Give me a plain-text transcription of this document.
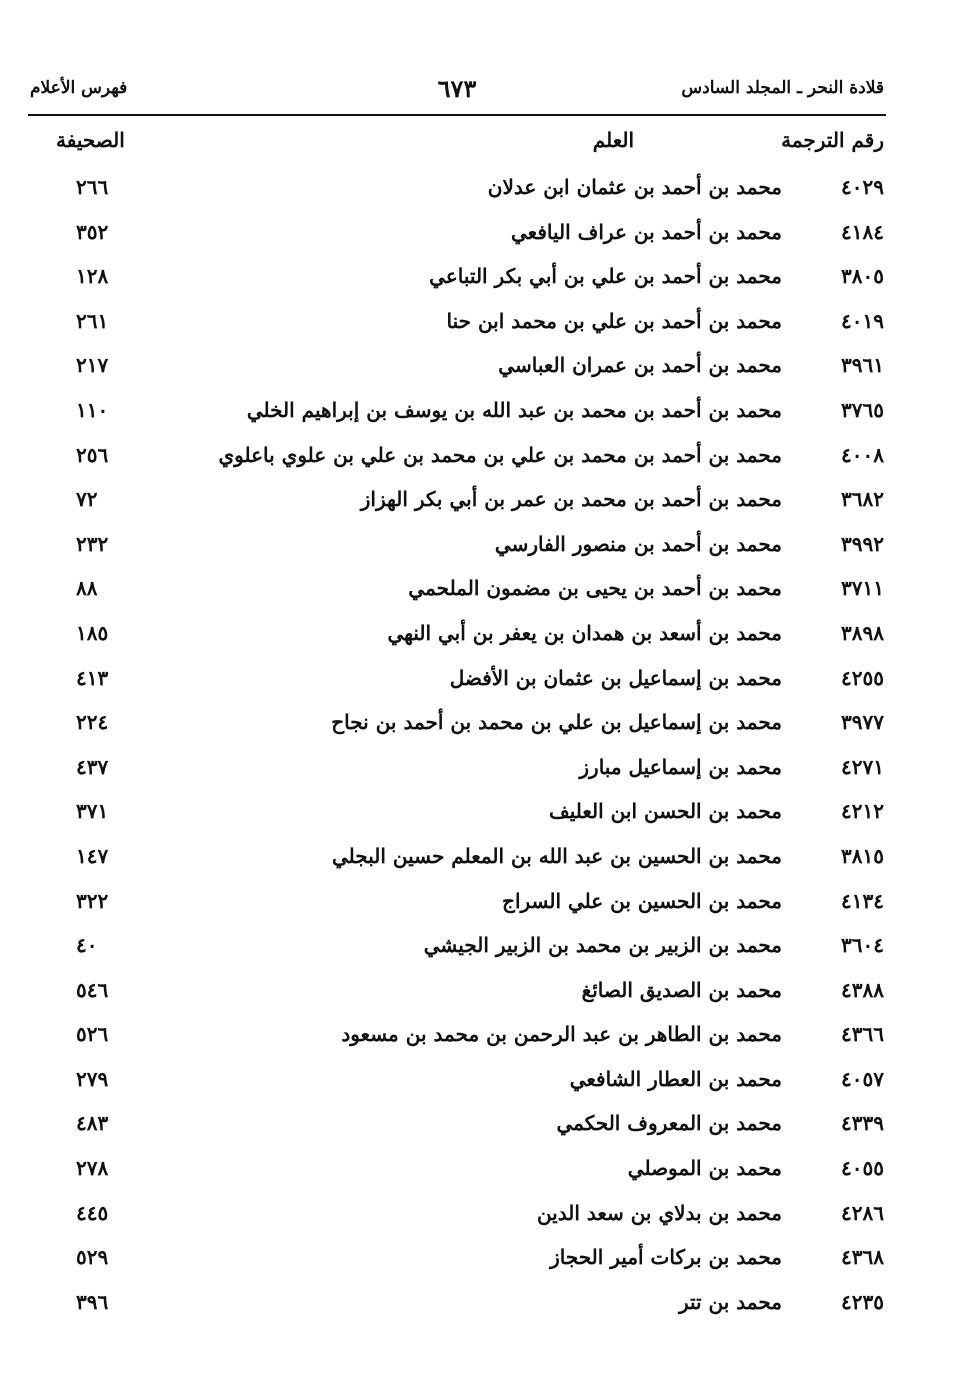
قلادة النحر ـ المجلد السادس
٦٧٣
فهرس الأعلام
رقم الترجمة
العلم
الصحيفة
٤٠٢٩
محمد بن أحمد بن عثمان ابن عدلان
٢٦٦
٤١٨٤
محمد بن أحمد بن عراف اليافعي
٣٥٢
٣٨٠٥
محمد بن أحمد بن علي بن أبي بكر التباعي
١٢٨
٤٠١٩
محمد بن أحمد بن علي بن محمد ابن حنا
٢٦١
٣٩٦١
محمد بن أحمد بن عمران العباسي
٢١٧
٣٧٦٥
محمد بن أحمد بن محمد بن عبد الله بن يوسف بن إبراهيم الخلي
١١٠
٤٠٠٨
محمد بن أحمد بن محمد بن علي بن محمد بن علي بن علوي باعلوي
٢٥٦
٣٦٨٢
محمد بن أحمد بن محمد بن عمر بن أبي بكر الهزاز
٧٢
٣٩٩٢
محمد بن أحمد بن منصور الفارسي
٢٣٢
٣٧١١
محمد بن أحمد بن يحيى بن مضمون الملحمي
٨٨
٣٨٩٨
محمد بن أسعد بن همدان بن يعفر بن أبي النهي
١٨٥
٤٢٥٥
محمد بن إسماعيل بن عثمان بن الأفضل
٤١٣
٣٩٧٧
محمد بن إسماعيل بن علي بن محمد بن أحمد بن نجاح
٢٢٤
٤٢٧١
محمد بن إسماعيل مبارز
٤٣٧
٤٢١٢
محمد بن الحسن ابن العليف
٣٧١
٣٨١٥
محمد بن الحسين بن عبد الله بن المعلم حسين البجلي
١٤٧
٤١٣٤
محمد بن الحسين بن علي السراج
٣٢٢
٣٦٠٤
محمد بن الزبير بن محمد بن الزبير الجيشي
٤٠
٤٣٨٨
محمد بن الصديق الصائغ
٥٤٦
٤٣٦٦
محمد بن الطاهر بن عبد الرحمن بن محمد بن مسعود
٥٢٦
٤٠٥٧
محمد بن العطار الشافعي
٢٧٩
٤٣٣٩
محمد بن المعروف الحكمي
٤٨٣
٤٠٥٥
محمد بن الموصلي
٢٧٨
٤٢٨٦
محمد بن بدلاي بن سعد الدين
٤٤٥
٤٣٦٨
محمد بن بركات أمير الحجاز
٥٢٩
٤٢٣٥
محمد بن تتر
٣٩٦
